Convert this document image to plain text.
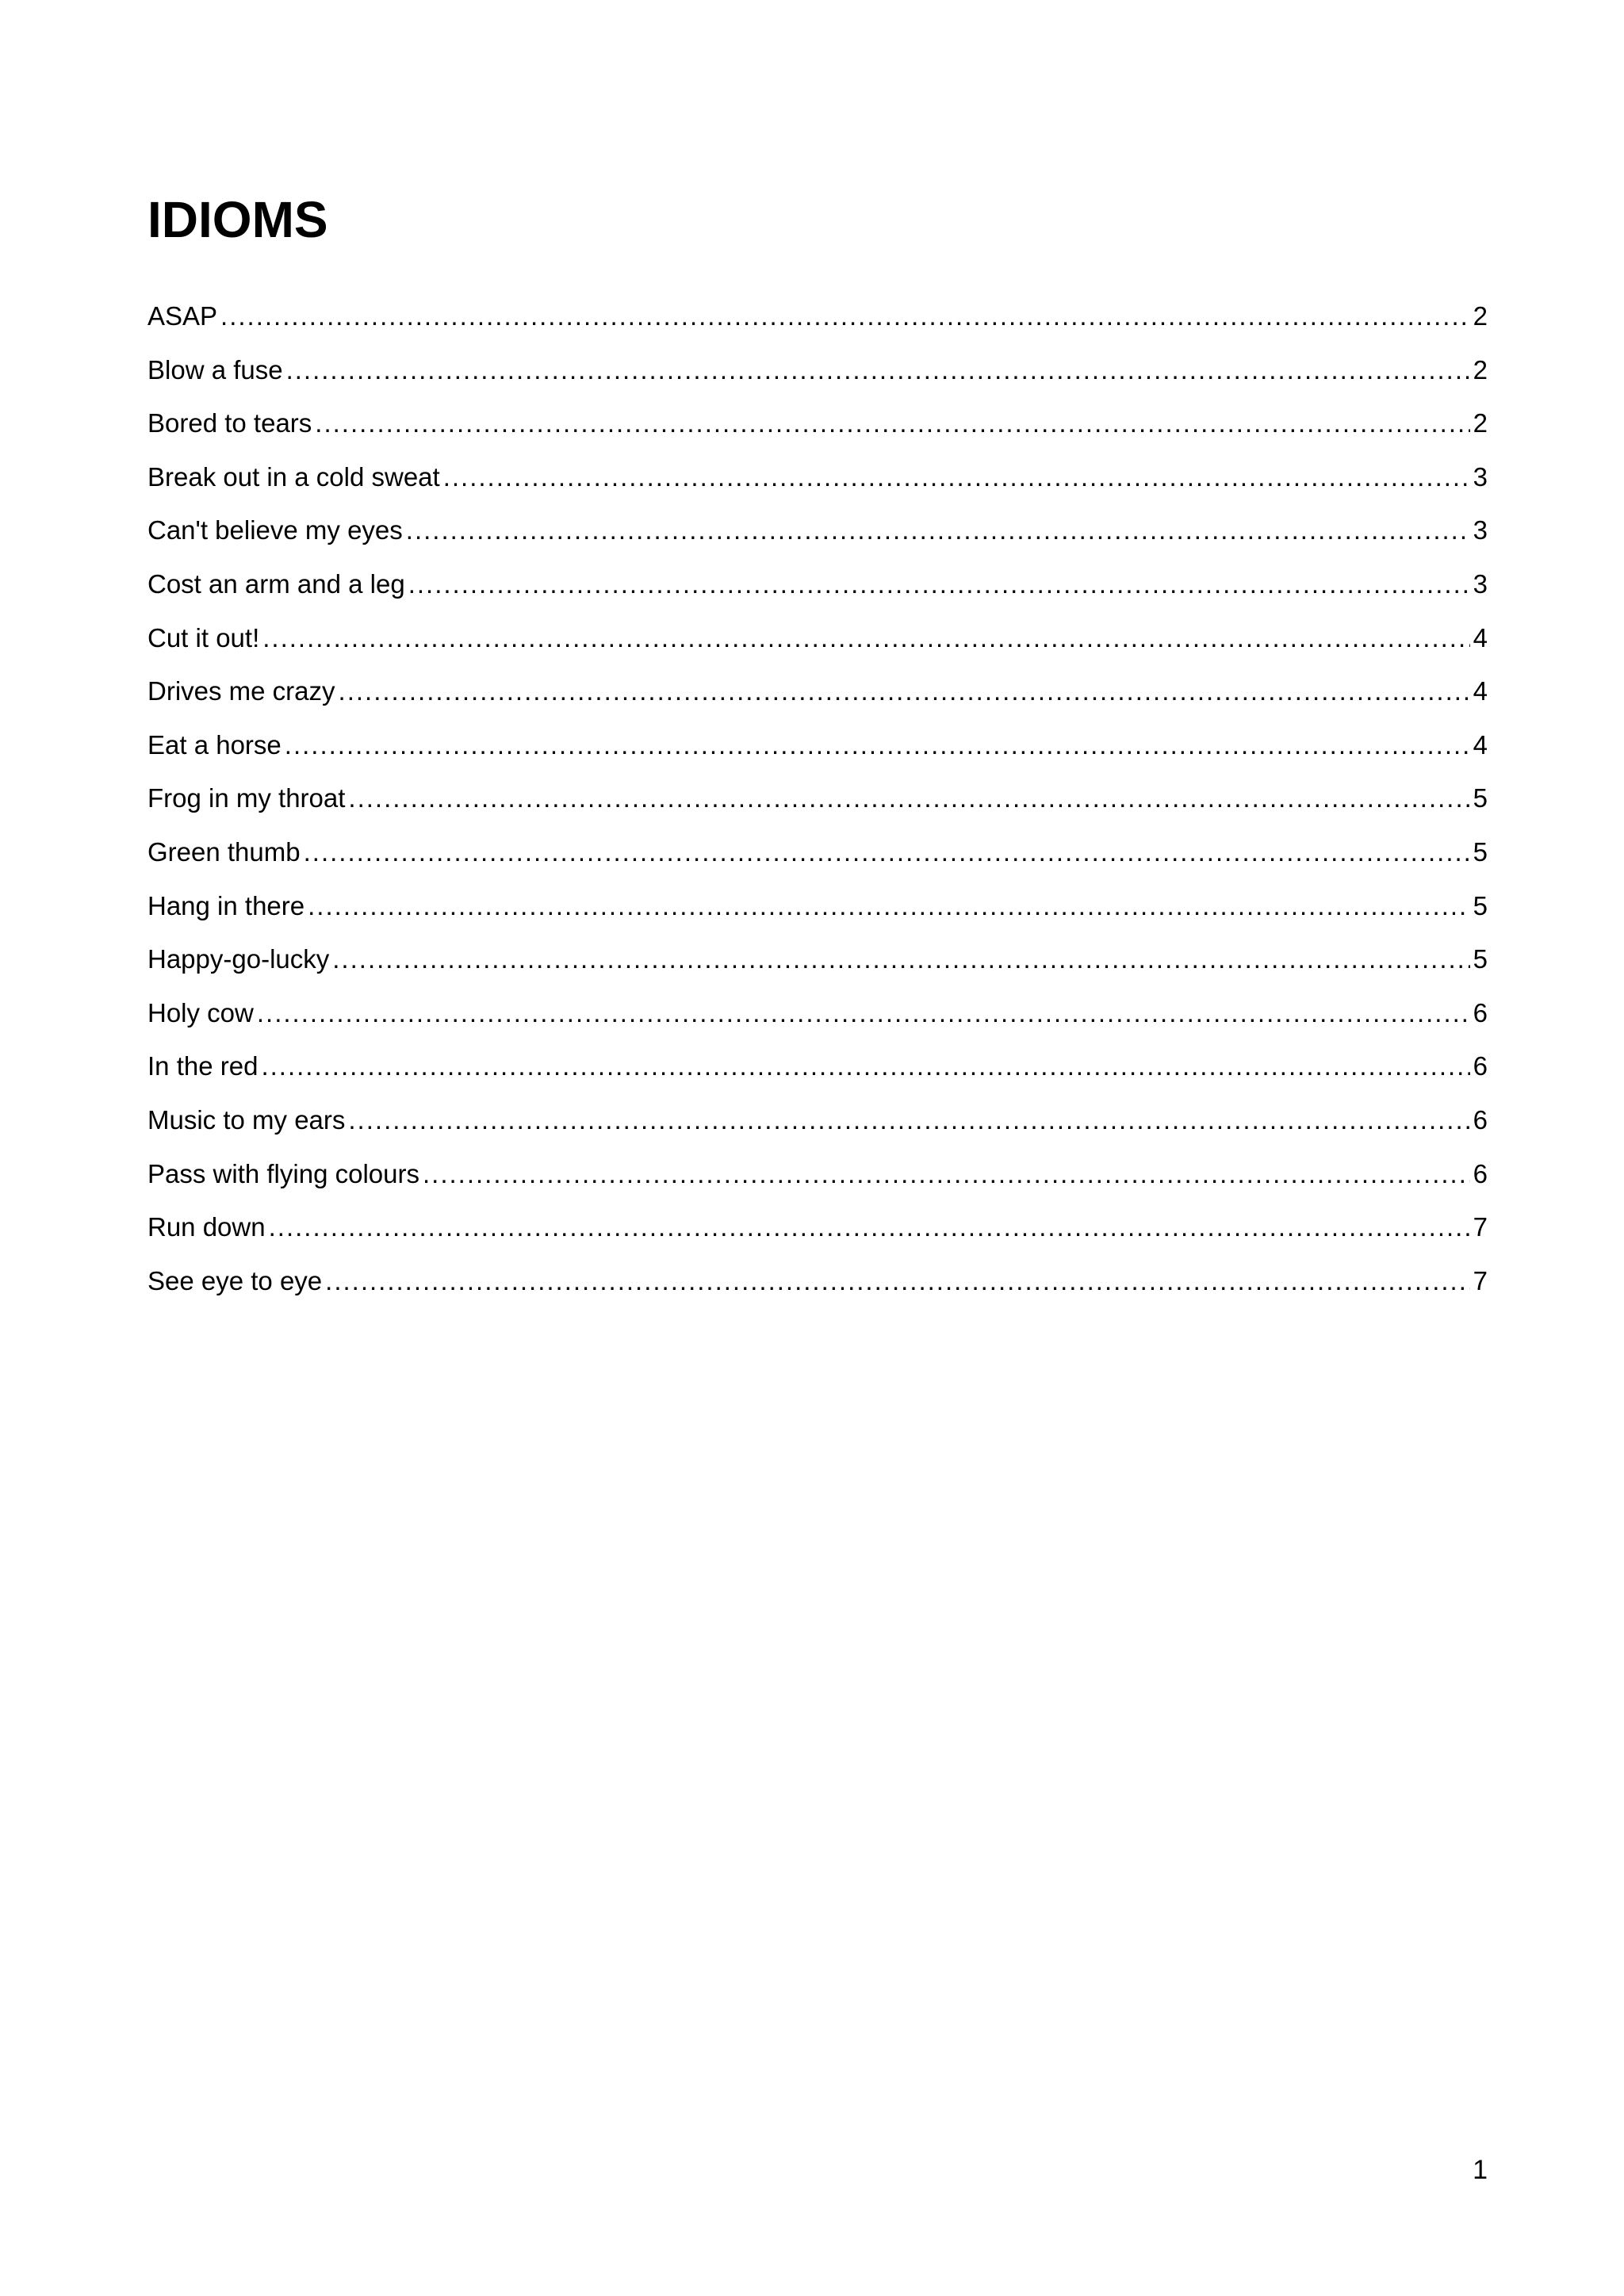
IDIOMS
ASAP .....	2
Blow a fuse .....	2
Bored to tears .....	2
Break out in a cold sweat .....	3
Can't believe my eyes .....	3
Cost an arm and a leg .....	3
Cut it out! .....	4
Drives me crazy .....	4
Eat a horse .....	4
Frog in my throat .....	5
Green thumb .....	5
Hang in there .....	5
Happy-go-lucky .....	5
Holy cow .....	6
In the red .....	6
Music to my ears .....	6
Pass with flying colours .....	6
Run down .....	7
See eye to eye .....	7
1
